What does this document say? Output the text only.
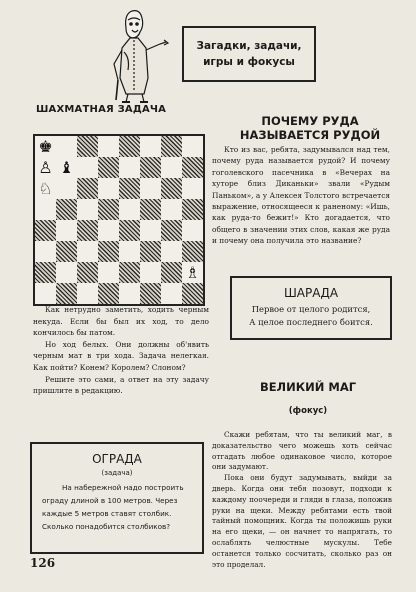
Загадки, задачи,
игры и фокусы
ШАХМАТНАЯ ЗАДАЧА
♚
♙ ♝
♘
♗

Как нетрудно заметить, ходить черным некуда. Если бы был их ход, то дело кончилось бы патом.

Но ход белых. Они должны об'явить черным мат в три хода. Задача нелегкая. Как пойти? Конем? Королем? Слоном?

Решите это сами, а ответ на эту задачу пришлите в редакцию.

ОГРАДА
(задача)
На набережной надо построить ограду длиной в 100 метров. Через каждые 5 метров ставят столбик. Сколько понадобится столбиков?
126
ПОЧЕМУ РУДА
НАЗЫВАЕТСЯ РУДОЙ
Кто из вас, ребята, задумывался над тем, почему руда называется рудой? И почему гоголевского пасечника в «Вечерах на хуторе близ Диканьки» звали «Рудым Паньком», а у Алексея Толстого встречается выражение, относящееся к раненому: «Ишь, как руда-то бежит!» Кто догадается, что общего в значении этих слов, какая же руда и почему она получила это название?
ШАРАДА
Первое от целого родится,
А целое последнего боится.
ВЕЛИКИЙ МАГ
(фокус)

Скажи ребятам, что ты великий маг, в доказательство чего можешь хоть сейчас отгадать любое одинаковое число, которое они задумают.

Пока они будут задумывать, выйди за дверь. Когда они тебя позовут, подходи к каждому поочереди и гляди в глаза, положив руки на щеки. Между ребятами есть твой тайный помощник. Когда ты положишь руки на его щеки, — он начнет то напрягать, то ослаблять челюстные мускулы. Тебе останется только сосчитать, сколько раз он это проделал.
